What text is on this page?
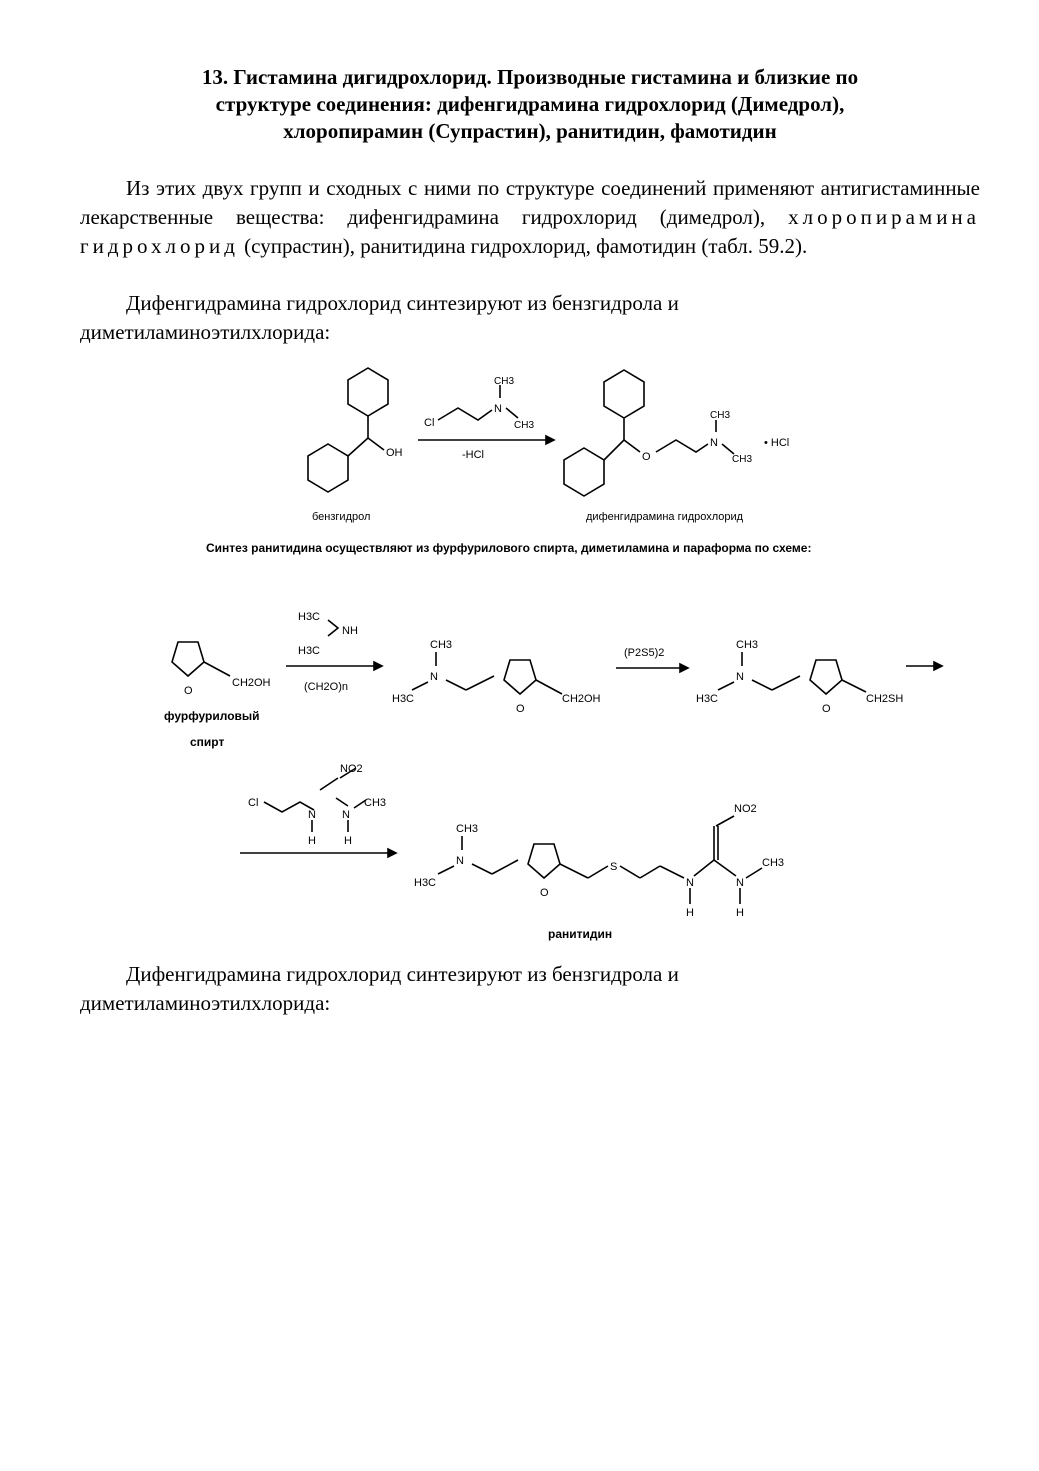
13. Гистамина дигидрохлорид. Производные гистамина и близкие по
структуре соединения: дифенгидрамина гидрохлорид (Димедрол),
хлоропирамин (Супрастин), ранитидин, фамотидин
Из этих двух групп и сходных с ними по структуре соединений применяют антигистаминные лекарственные вещества: дифенгидрамина гидрохлорид (димедрол), хлоропирамина гидрохлорид (супрастин), ранитидина гидрохлорид, фамотидин (табл. 59.2).
Дифенгидрамина гидрохлорид синтезируют из бензгидрола и диметиламиноэтилхлорида:
OH
Cl
N
CH3
CH3
-HCl	O
N
CH3
CH3
• HCl
бензгидрол	дифенгидрамина гидрохлорид
Синтез ранитидина осуществляют из фурфурилового спирта, диметиламина и параформа по схеме:
O
CH2OH
фурфуриловый
спирт
H3C
NH
H3C
(CH2O)n
CH3
N
H3C
O
CH2OH
(P2S5)2
CH3
N
H3C
O
CH2SH
Cl
NO2
N N
H	H
CH3
CH3
N
H3C
O
S
N	N
H	H
NO2
CH3
ранитидин
Дифенгидрамина гидрохлорид синтезируют из бензгидрола и диметиламиноэтилхлорида:
